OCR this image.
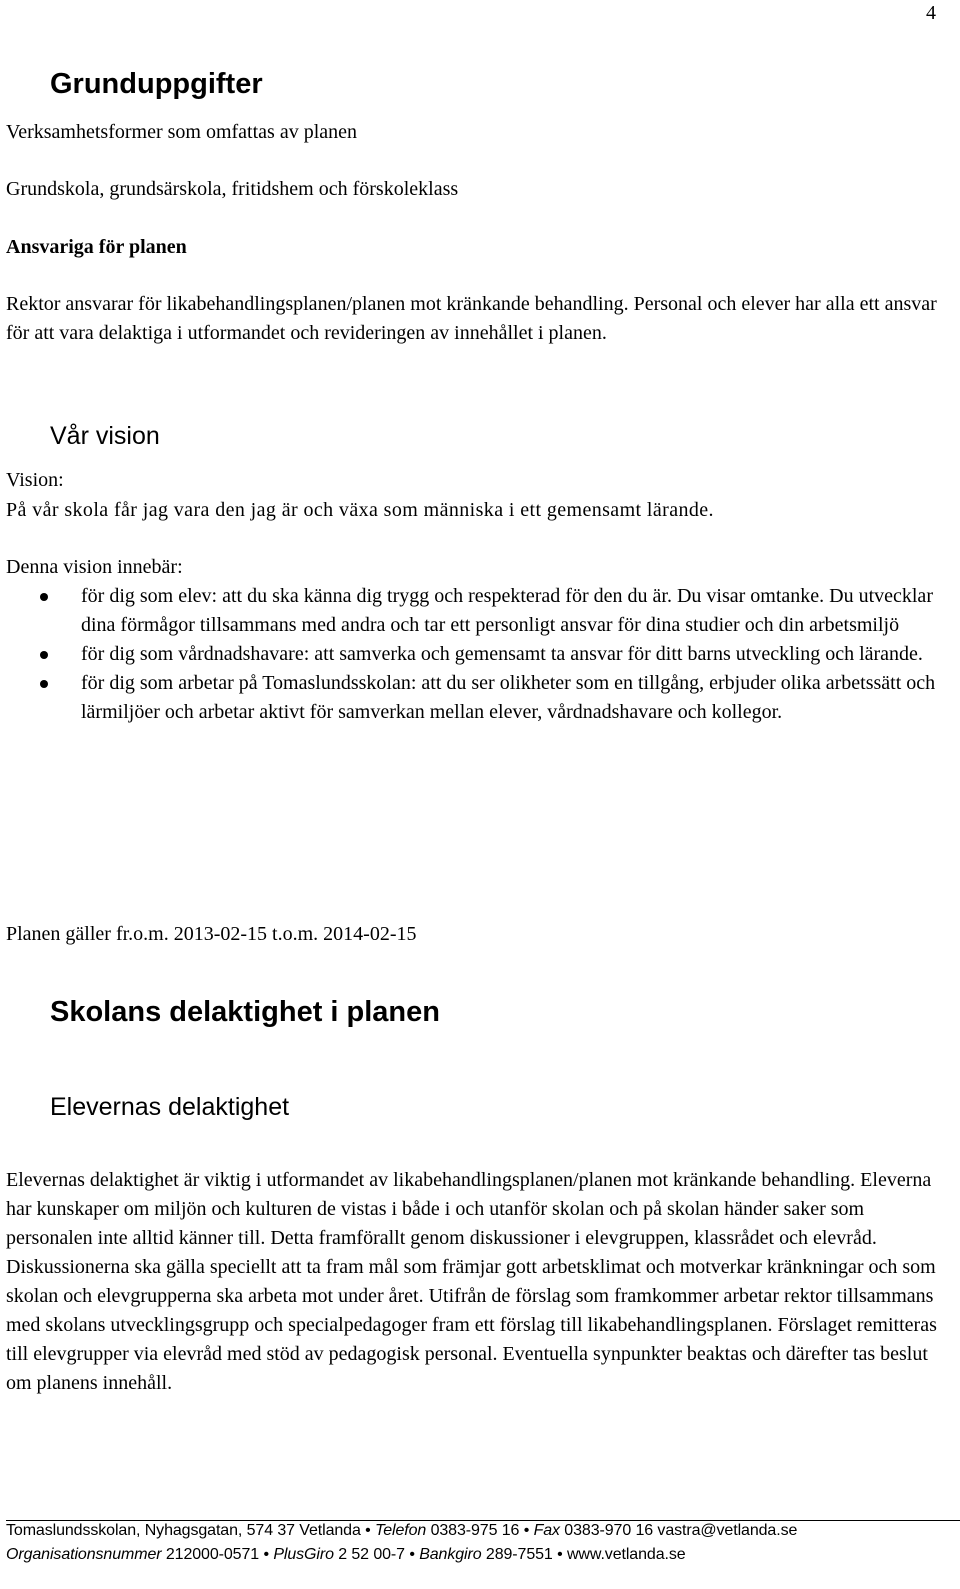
4
Grunduppgifter

Verksamhetsformer som omfattas av planen

Grundskola, grundsärskola, fritidshem och förskoleklass

Ansvariga för planen

Rektor ansvarar för likabehandlingsplanen/planen mot kränkande behandling. Personal och elever har alla ett ansvar för att vara delaktiga i utformandet och revideringen av innehållet i planen.

Vår vision

Vision:

På vår skola får jag vara den jag är och växa som människa i ett gemensamt lärande.

Denna vision innebär:

för dig som elev: att du ska känna dig trygg och respekterad för den du är. Du visar omtanke. Du utvecklar dina förmågor tillsammans med andra och tar ett personligt ansvar för dina studier och din arbetsmiljö
för dig som vårdnadshavare: att samverka och gemensamt ta ansvar för ditt barns utveckling och lärande.
för dig som arbetar på Tomaslundsskolan: att du ser olikheter som en tillgång, erbjuder olika arbetssätt och lärmiljöer och arbetar aktivt för samverkan mellan elever, vårdnadshavare och kollegor.

Planen gäller fr.o.m. 2013-02-15 t.o.m. 2014-02-15

Skolans delaktighet i planen
Elevernas delaktighet

Elevernas delaktighet är viktig i utformandet av likabehandlingsplanen/planen mot kränkande behandling. Eleverna har kunskaper om miljön och kulturen de vistas i både i och utanför skolan och på skolan händer saker som personalen inte alltid känner till. Detta framförallt genom diskussioner i elevgruppen, klassrådet och elevråd. Diskussionerna ska gälla speciellt att ta fram mål som främjar gott arbetsklimat och motverkar kränkningar och som skolan och elevgrupperna ska arbeta mot under året. Utifrån de förslag som framkommer arbetar rektor tillsammans med skolans utvecklingsgrupp och specialpedagoger fram ett förslag till likabehandlingsplanen. Förslaget remitteras till elevgrupper via elevråd med stöd av pedagogisk personal. Eventuella synpunkter beaktas och därefter tas beslut om planens innehåll.

Tomaslundsskolan, Nyhagsgatan, 574 37 Vetlanda • Telefon 0383-975 16 • Fax 0383-970 16 vastra@vetlanda.se
Organisationsnummer 212000-0571 • PlusGiro 2 52 00-7 • Bankgiro 289-7551 • www.vetlanda.se
